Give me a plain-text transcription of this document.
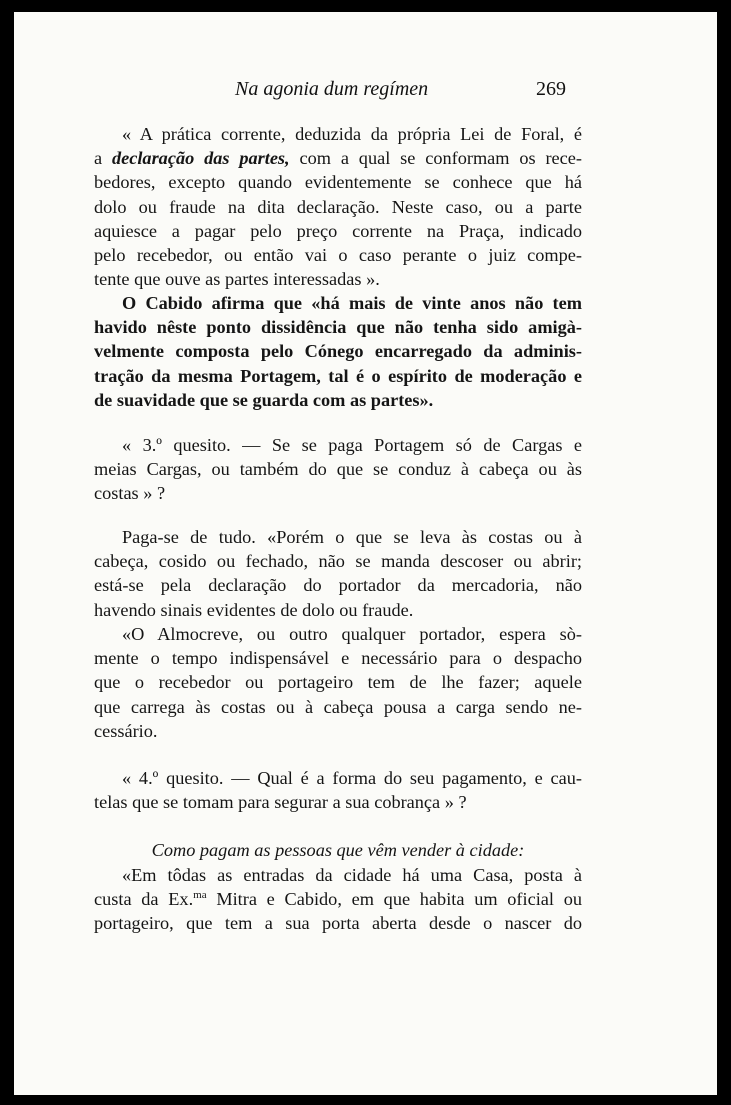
Na agonia dum regímen	269

« A prática corrente, deduzida da própria Lei de Foral, é
a declaração das partes, com a qual se conformam os rece-
bedores, excepto quando evidentemente se conhece que há
dolo ou fraude na dita declaração. Neste caso, ou a parte
aquiesce a pagar pelo preço corrente na Praça, indicado
pelo recebedor, ou então vai o caso perante o juiz compe-
tente que ouve as partes interessadas ».

O Cabido afirma que «há mais de vinte anos não tem
havido nêste ponto dissidência que não tenha sido amigà-
velmente composta pelo Cónego encarregado da adminis-
tração da mesma Portagem, tal é o espírito de moderação e
de suavidade que se guarda com as partes».

« 3.º quesito. — Se se paga Portagem só de Cargas e
meias Cargas, ou também do que se conduz à cabeça ou às
costas » ?

Paga-se de tudo. «Porém o que se leva às costas ou à
cabeça, cosido ou fechado, não se manda descoser ou abrir;
está-se pela declaração do portador da mercadoria, não
havendo sinais evidentes de dolo ou fraude.

«O Almocreve, ou outro qualquer portador, espera sò-
mente o tempo indispensável e necessário para o despacho
que o recebedor ou portageiro tem de lhe fazer; aquele
que carrega às costas ou à cabeça pousa a carga sendo ne-
cessário.

« 4.º quesito. — Qual é a forma do seu pagamento, e cau-
telas que se tomam para segurar a sua cobrança » ?

Como pagam as pessoas que vêm vender à cidade:

«Em tôdas as entradas da cidade há uma Casa, posta à
custa da Ex.$^{ma}$ Mitra e Cabido, em que habita um oficial ou
portageiro, que tem a sua porta aberta desde o nascer do
